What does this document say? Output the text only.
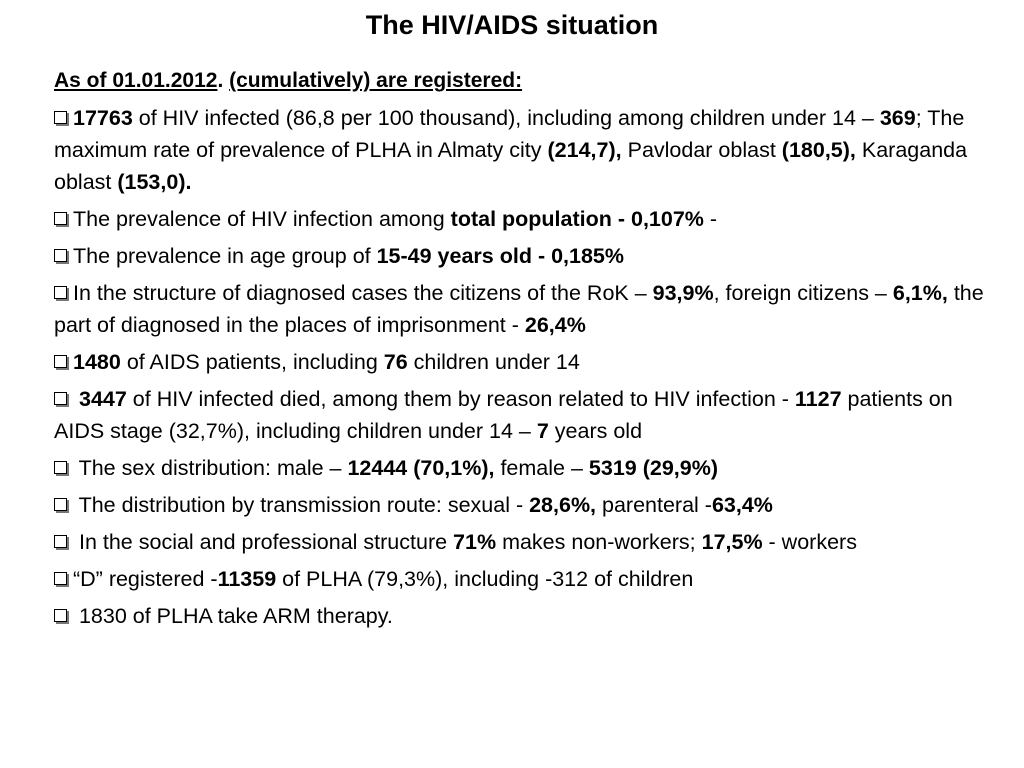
The HIV/AIDS situation

As of 01.01.2012. (cumulatively) are registered:

17763 of HIV infected (86,8 per 100 thousand), including among children under 14 – 369; The maximum rate of prevalence of PLHA in Almaty city (214,7), Pavlodar oblast (180,5), Karaganda oblast (153,0).
The prevalence of HIV infection among total population - 0,107% -
The prevalence in age group of 15-49 years old - 0,185%
In the structure of diagnosed cases the citizens of the RoK – 93,9%, foreign citizens – 6,1%, the part of diagnosed in the places of imprisonment - 26,4%
1480 of AIDS patients, including 76 children under 14
3447 of HIV infected died, among them by reason related to HIV infection - 1127 patients on AIDS stage (32,7%), including children under 14 – 7 years old
The sex distribution: male – 12444 (70,1%), female – 5319 (29,9%)
The distribution by transmission route: sexual - 28,6%, parenteral -63,4%
In the social and professional structure 71% makes non-workers; 17,5% - workers
“D” registered -11359 of PLHA (79,3%), including -312 of children
1830 of PLHA take ARM therapy.
